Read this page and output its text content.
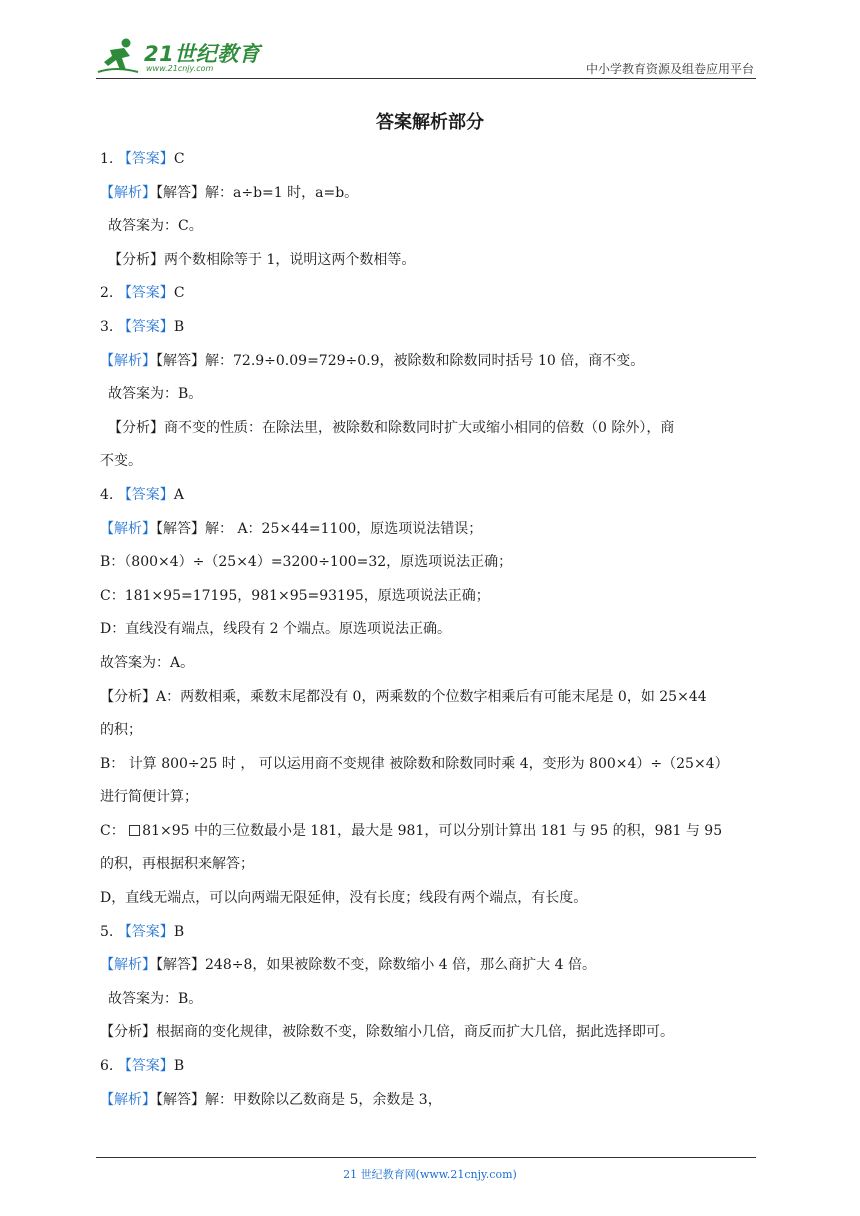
21世纪教育
www.21cnjy.com	中小学教育资源及组卷应用平台
答案解析部分
1. 【答案】C
【解析】【解答】解：a÷b=1 时，a=b。
故答案为：C。
【分析】两个数相除等于 1，说明这两个数相等。
2. 【答案】C
3. 【答案】B
【解析】【解答】解：72.9÷0.09=729÷0.9，被除数和除数同时括号 10 倍，商不变。
故答案为：B。
【分析】商不变的性质：在除法里，被除数和除数同时扩大或缩小相同的倍数（0 除外），商
不变。
4. 【答案】A
【解析】【解答】解： A：25×44=1100，原选项说法错误；
B：（800×4）÷（25×4）=3200÷100=32，原选项说法正确；
C：181×95=17195，981×95=93195，原选项说法正确；
D：直线没有端点，线段有 2 个端点。原选项说法正确。
故答案为：A。
【分析】A：两数相乘，乘数末尾都没有 0，两乘数的个位数字相乘后有可能末尾是 0，如 25×44
的积；
B： 计算 800÷25 时 ， 可以运用商不变规律 被除数和除数同时乘 4，变形为 800×4）÷（25×4）
进行简便计算；
C： 81×95 中的三位数最小是 181，最大是 981，可以分别计算出 181 与 95 的积，981 与 95
的积，再根据积来解答；
D，直线无端点，可以向两端无限延伸，没有长度；线段有两个端点，有长度。
5. 【答案】B
【解析】【解答】248÷8，如果被除数不变，除数缩小 4 倍，那么商扩大 4 倍。
故答案为：B。
【分析】根据商的变化规律，被除数不变，除数缩小几倍，商反而扩大几倍，据此选择即可。
6. 【答案】B
【解析】【解答】解：甲数除以乙数商是 5，余数是 3，
21 世纪教育网(www.21cnjy.com)
